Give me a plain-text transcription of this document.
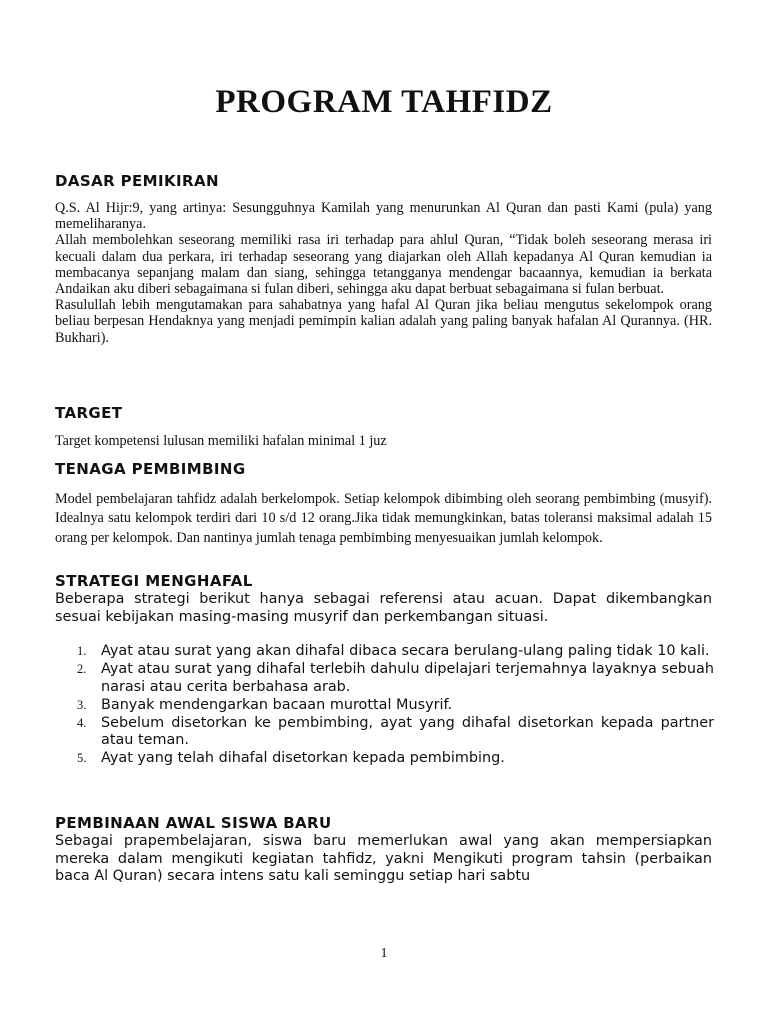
PROGRAM TAHFIDZ
DASAR PEMIKIRAN

Q.S. Al Hijr:9, yang artinya: Sesungguhnya Kamilah yang menurunkan Al Quran dan pasti Kami (pula) yang memeliharanya.

Allah membolehkan seseorang memiliki rasa iri terhadap para ahlul Quran, “Tidak boleh seseorang merasa iri kecuali dalam dua perkara, iri terhadap seseorang yang diajarkan oleh Allah kepadanya Al Quran kemudian ia membacanya sepanjang malam dan siang, sehingga tetangganya mendengar bacaannya, kemudian ia berkata Andaikan aku diberi sebagaimana si fulan diberi, sehingga aku dapat berbuat sebagaimana si fulan berbuat.

Rasulullah lebih mengutamakan para sahabatnya yang hafal Al Quran jika beliau mengutus sekelompok orang beliau berpesan Hendaknya yang menjadi pemimpin kalian adalah yang paling banyak hafalan Al Qurannya. (HR. Bukhari).

TARGET
Target kompetensi lulusan memiliki hafalan minimal 1 juz
TENAGA PEMBIMBING
Model pembelajaran tahfidz adalah berkelompok. Setiap kelompok dibimbing oleh seorang pembimbing (musyif). Idealnya satu kelompok terdiri dari 10 s/d 12 orang.Jika tidak memungkinkan, batas toleransi maksimal adalah 15 orang per kelompok. Dan nantinya jumlah tenaga pembimbing menyesuaikan jumlah kelompok.
STRATEGI MENGHAFAL
Beberapa strategi berikut hanya sebagai referensi atau acuan. Dapat dikembangkan sesuai kebijakan masing-masing musyrif dan perkembangan situasi.
1. Ayat atau surat yang akan dihafal dibaca secara berulang-ulang paling tidak 10 kali.
2. Ayat atau surat yang dihafal terlebih dahulu dipelajari terjemahnya layaknya sebuah narasi atau cerita berbahasa arab.
3. Banyak mendengarkan bacaan murottal Musyrif.
4. Sebelum disetorkan ke pembimbing, ayat yang dihafal disetorkan kepada partner atau teman.
5. Ayat yang telah dihafal disetorkan kepada pembimbing.
PEMBINAAN AWAL SISWA BARU
Sebagai prapembelajaran, siswa baru memerlukan awal yang akan mempersiapkan mereka dalam mengikuti kegiatan tahfidz, yakni Mengikuti program tahsin (perbaikan baca Al Quran) secara intens satu kali seminggu setiap hari sabtu
1
